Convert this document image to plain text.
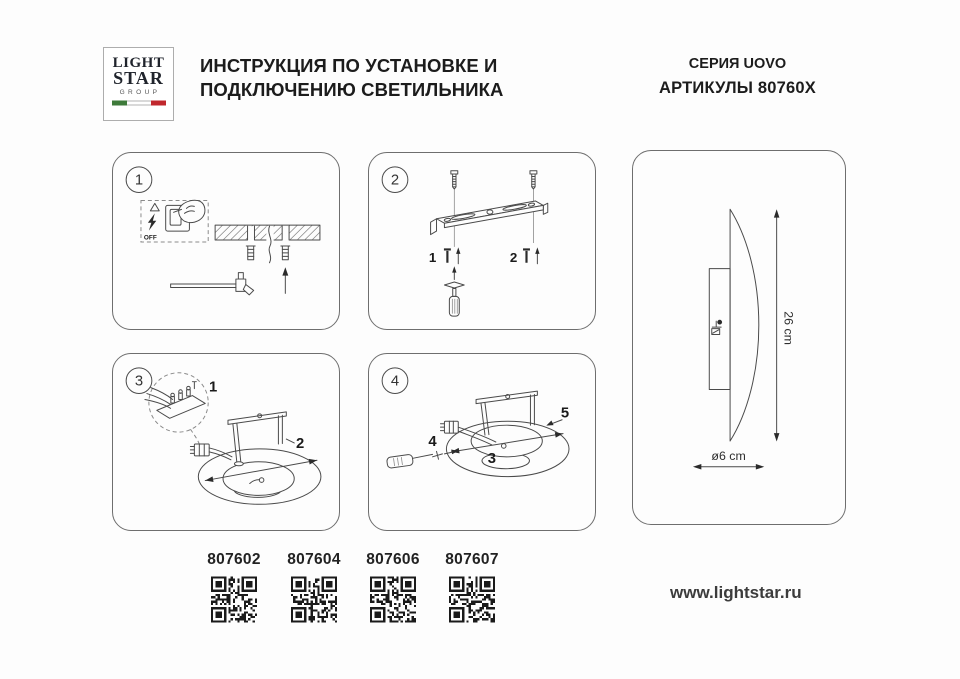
LIGHT
STAR
GROUP
ИНСТРУКЦИЯ ПО УСТАНОВКЕ И
ПОДКЛЮЧЕНИЮ СВЕТИЛЬНИКА
СЕРИЯ UOVO
АРТИКУЛЫ 80760X
1
OFF
2
1	2
3	1
2
4
4
3
5
26 cm
ø6 cm
807602	807604	807606	807607
www.lightstar.ru
